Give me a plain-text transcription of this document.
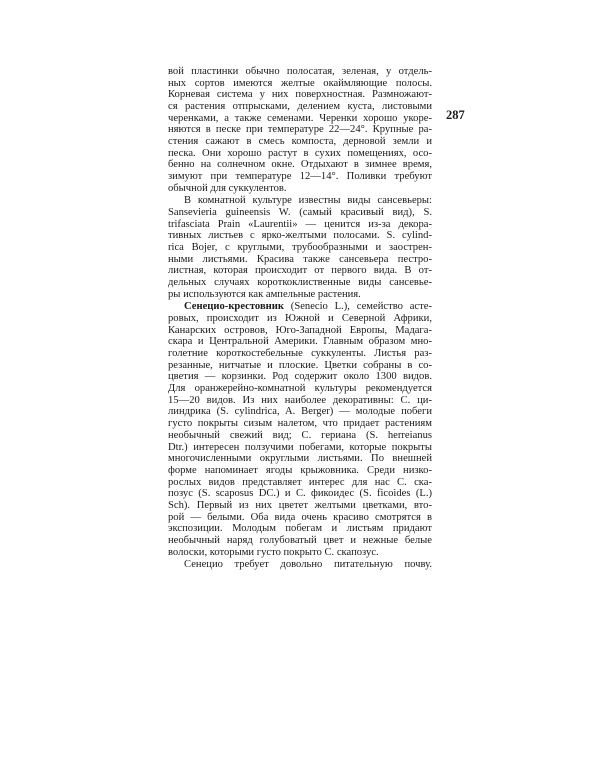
287
вой пластинки обычно полосатая, зеленая, у отдель-
ных сортов имеются желтые окаймляющие полосы.
Корневая система у них поверхностная. Размножают-
ся растения отпрысками, делением куста, листовыми
черенками, а также семенами. Черенки хорошо укоре-
няются в песке при температуре 22—24°. Крупные ра-
стения сажают в смесь компоста, дерновой земли и
песка. Они хорошо растут в сухих помещениях, осо-
бенно на солнечном окне. Отдыхают в зимнее время,
зимуют при температуре 12—14°. Поливки требуют
обычной для суккулентов.
В комнатной культуре известны виды сансевьеры:
Sansevieria guineensis W. (самый красивый вид), S.
trifasciata Prain «Laurentii» — ценится из-за декора-
тивных листьев с ярко-желтыми полосами. S. cylind-
rica Bojer, с круглыми, трубообразными и заострен-
ными листьями. Красива также сансевьера пестро-
листная, которая происходит от первого вида. В от-
дельных случаях короткоклиственные виды сансевье-
ры используются как ампельные растения.
Сенецио-крестовник (Senecio L.), семейство астe-
ровых, происходит из Южной и Северной Африки,
Канарских островов, Юго-Западной Европы, Мадага-
скара и Центральной Америки. Главным образом мно-
голетние короткостебельные суккуленты. Листья раз-
резанные, нитчатые и плоские. Цветки собраны в со-
цветия — корзинки. Род содержит около 1300 видов.
Для оранжерейно-комнатной культуры рекомендуется
15—20 видов. Из них наиболее декоративны: С. ци-
линдрика (S. cylindrica, A. Berger) — молодые побеги
густо покрыты сизым налетом, что придает растениям
необычный свежий вид; С. гериана (S. herreianus
Dtr.) интересен ползучими побегами, которые покрыты
многочисленными округлыми листьями. По внешней
форме напоминает ягоды крыжовника. Среди низко-
рослых видов представляет интерес для нас С. ска-
позус (S. scaposus DC.) и С. фикоидес (S. ficoides (L.)
Sch). Первый из них цветет желтыми цветками, вто-
рой — белыми. Оба вида очень красиво смотрятся в
экспозиции. Молодым побегам и листьям придают
необычный наряд голубоватый цвет и нежные белые
волоски, которыми густо покрыто С. скапозус.
Сенецио требует довольно питательную почву.
